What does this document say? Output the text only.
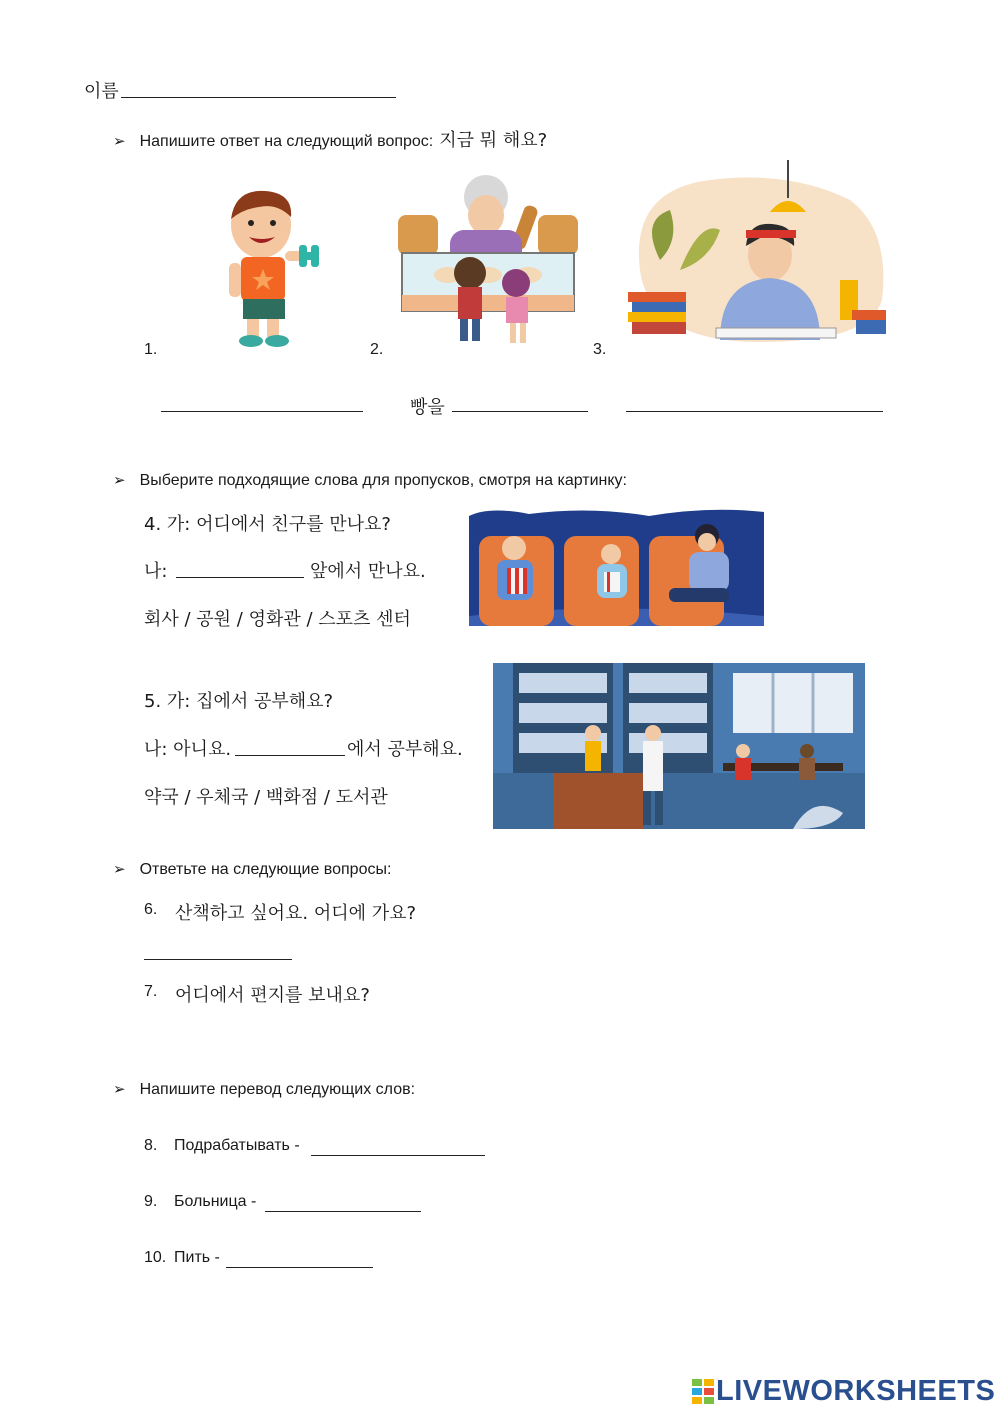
이름
➢ Напишите ответ на следующий вопрос: 지금 뭐 해요?
1.	2.	3.
빵을
➢ Выберите подходящие слова для пропусков, смотря на картинку:
4. 가: 어디에서 친구를 만나요?
나:	앞에서 만나요.
회사 / 공원 / 영화관 / 스포츠 센터
5. 가: 집에서 공부해요?
나: 아니요.	에서 공부해요.
약국 / 우체국 / 백화점 / 도서관
➢ Ответьте на следующие вопросы:
6. 산책하고 싶어요. 어디에 가요?
7. 어디에서 편지를 보내요?
➢ Напишите перевод следующих слов:
8. Подрабатывать -
9. Больница -
10. Пить -
LIVEWORKSHEETS
